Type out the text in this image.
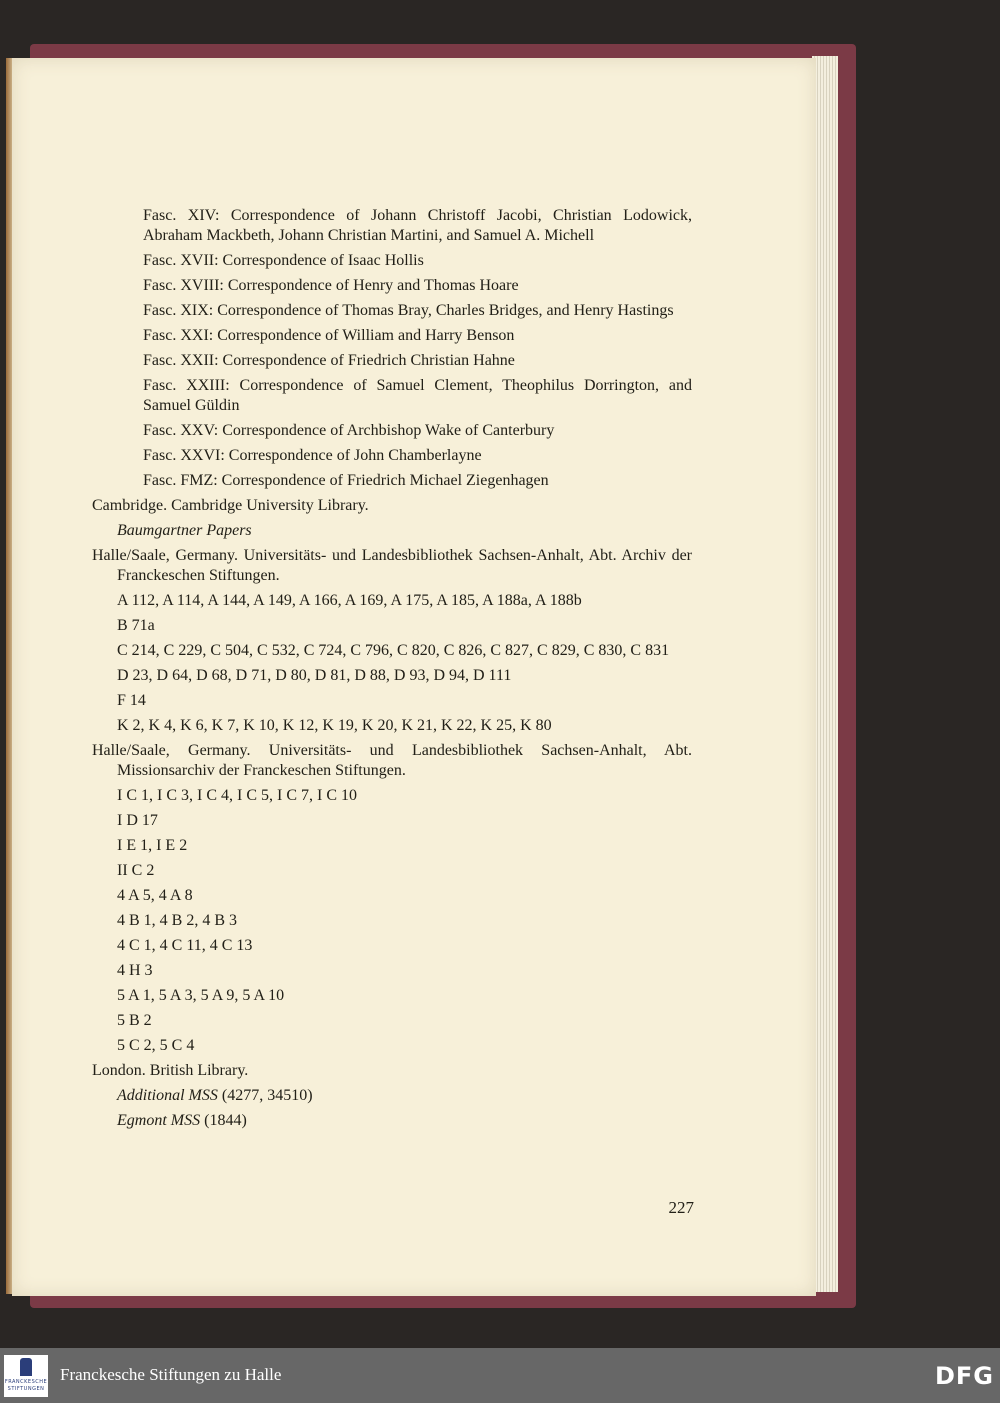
Fasc. XIV: Correspondence of Johann Christoff Jacobi, Christian Lodowick, Abraham Mackbeth, Johann Christian Martini, and Samuel A. Michell
Fasc. XVII: Correspondence of Isaac Hollis
Fasc. XVIII: Correspondence of Henry and Thomas Hoare
Fasc. XIX: Correspondence of Thomas Bray, Charles Bridges, and Henry Hastings
Fasc. XXI: Correspondence of William and Harry Benson
Fasc. XXII: Correspondence of Friedrich Christian Hahne
Fasc. XXIII: Correspondence of Samuel Clement, Theophilus Dorrington, and Samuel Güldin
Fasc. XXV: Correspondence of Archbishop Wake of Canterbury
Fasc. XXVI: Correspondence of John Chamberlayne
Fasc. FMZ: Correspondence of Friedrich Michael Ziegenhagen
Cambridge. Cambridge University Library.
Baumgartner Papers
Halle/Saale, Germany. Universitäts- und Landesbibliothek Sachsen-Anhalt, Abt. Archiv der Franckeschen Stiftungen.
A 112, A 114, A 144, A 149, A 166, A 169, A 175, A 185, A 188a, A 188b
B 71a
C 214, C 229, C 504, C 532, C 724, C 796, C 820, C 826, C 827, C 829, C 830, C 831
D 23, D 64, D 68, D 71, D 80, D 81, D 88, D 93, D 94, D 111
F 14
K 2, K 4, K 6, K 7, K 10, K 12, K 19, K 20, K 21, K 22, K 25, K 80
Halle/Saale, Germany. Universitäts- und Landesbibliothek Sachsen-Anhalt, Abt. Missionsarchiv der Franckeschen Stiftungen.
I C 1, I C 3, I C 4, I C 5, I C 7, I C 10
I D 17
I E 1, I E 2
II C 2
4 A 5, 4 A 8
4 B 1, 4 B 2, 4 B 3
4 C 1, 4 C 11, 4 C 13
4 H 3
5 A 1, 5 A 3, 5 A 9, 5 A 10
5 B 2
5 C 2, 5 C 4
London. British Library.
Additional MSS (4277, 34510)
Egmont MSS (1844)
227
FRANCKESCHE STIFTUNGEN
Franckesche Stiftungen zu Halle	DFG
